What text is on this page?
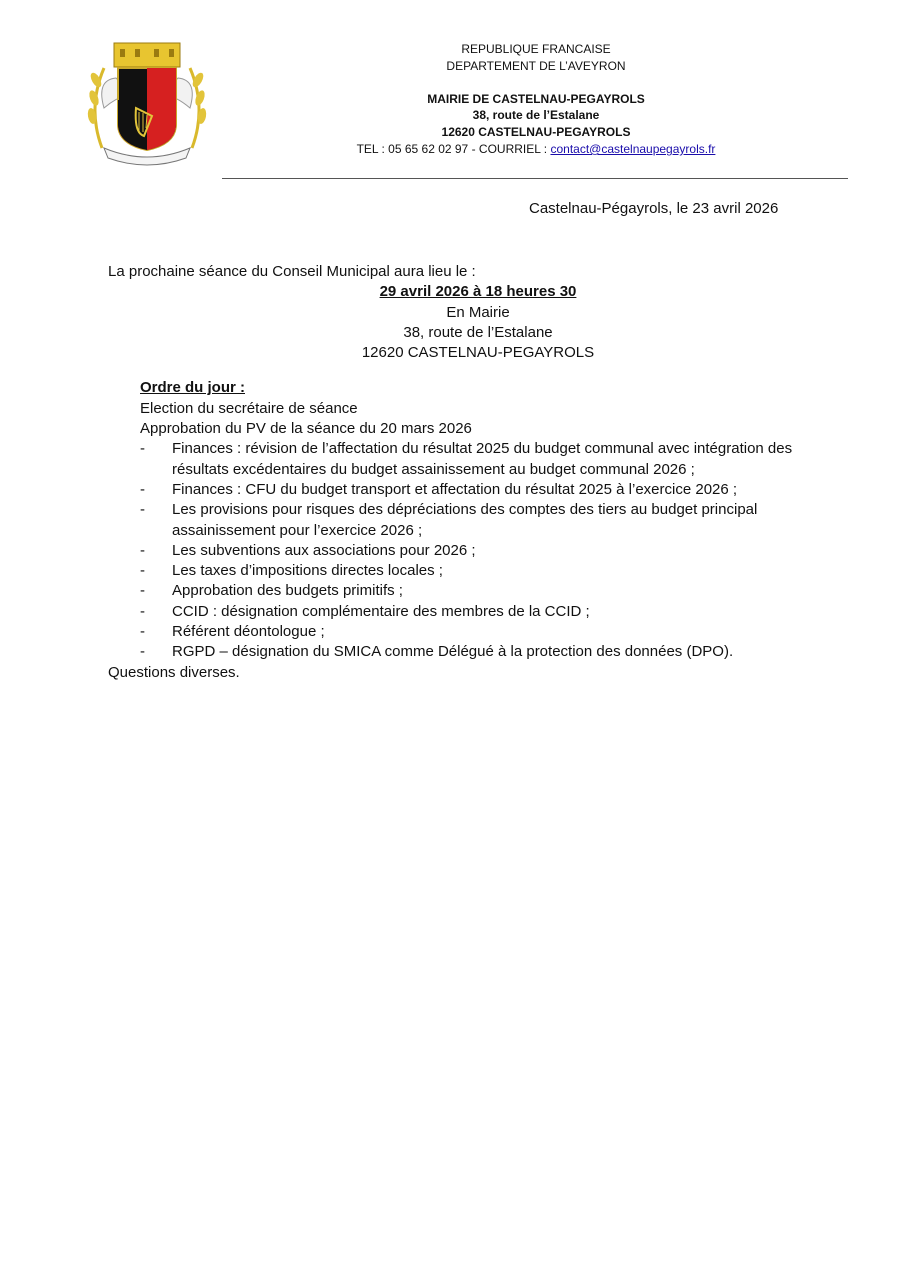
REPUBLIQUE FRANCAISE
DEPARTEMENT DE L’AVEYRON
MAIRIE DE CASTELNAU-PEGAYROLS
38, route de l’Estalane
12620 CASTELNAU-PEGAYROLS
TEL : 05 65 62 02 97 - COURRIEL : contact@castelnaupegayrols.fr
Castelnau-Pégayrols, le 23 avril 2026
La prochaine séance du Conseil Municipal aura lieu le :
29 avril 2026 à 18 heures 30
En Mairie
38, route de l’Estalane
12620 CASTELNAU-PEGAYROLS
Ordre du jour :
Election du secrétaire de séance
Approbation du PV de la séance du 20 mars 2026
- Finances : révision de l’affectation du résultat 2025 du budget communal avec intégration des résultats excédentaires du budget assainissement au budget communal 2026 ;
- Finances : CFU du budget transport et affectation du résultat 2025 à l’exercice 2026 ;
- Les provisions pour risques des dépréciations des comptes des tiers au budget principal assainissement pour l’exercice 2026 ;
- Les subventions aux associations pour 2026 ;
- Les taxes d’impositions directes locales ;
- Approbation des budgets primitifs ;
- CCID : désignation complémentaire des membres de la CCID ;
- Référent déontologue ;
- RGPD – désignation du SMICA comme Délégué à la protection des données (DPO).
Questions diverses.
